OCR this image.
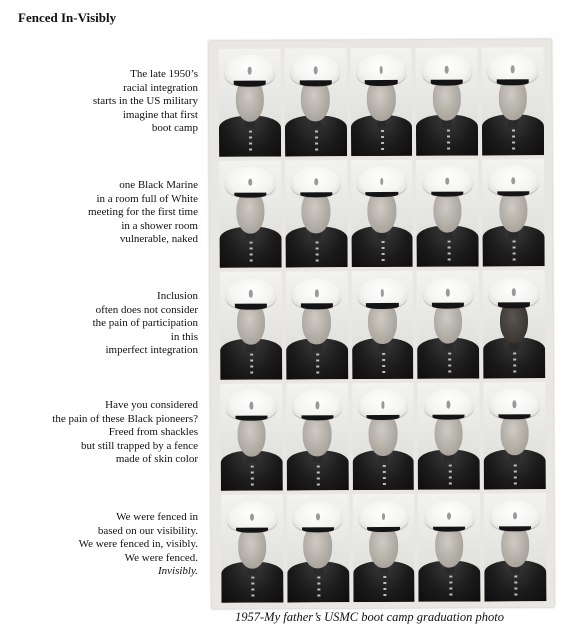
Fenced In-Visibly
The late 1950’s
racial integration
starts in the US military
imagine that first
boot camp
one Black Marine
in a room full of White
meeting for the first time
in a shower room
vulnerable, naked
Inclusion
often does not consider
the pain of participation
in this
imperfect integration
Have you considered
the pain of these Black pioneers?
Freed from shackles
but still trapped by a fence
made of skin color
We were fenced in
based on our visibility.
We were fenced in, visibly.
We were fenced.
Invisibly.
1957-My father’s USMC boot camp graduation photo
